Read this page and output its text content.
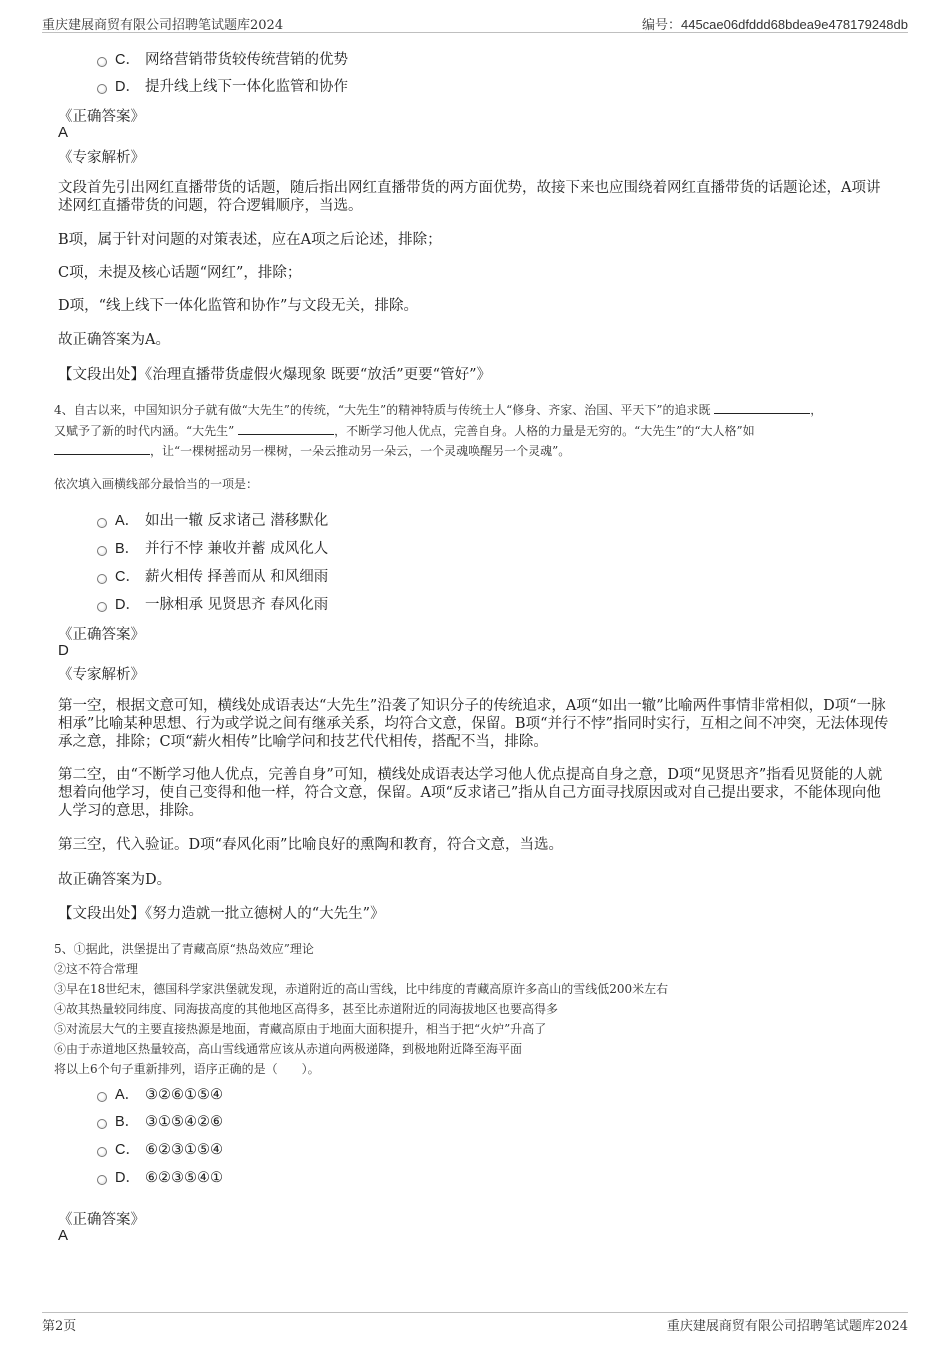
重庆建展商贸有限公司招聘笔试题库2024	编号：445cae06dfddd68bdea9e478179248db
C． 网络营销带货较传统营销的优势
D． 提升线上线下一体化监管和协作
《正确答案》
A
《专家解析》
文段首先引出网红直播带货的话题，随后指出网红直播带货的两方面优势，故接下来也应围绕着网红直播带货的话题论述，A项讲述网红直播带货的问题，符合逻辑顺序，当选。
B项，属于针对问题的对策表述，应在A项之后论述，排除；
C项，未提及核心话题“网红”，排除；
D项，“线上线下一体化监管和协作”与文段无关，排除。
故正确答案为A。
【文段出处】《治理直播带货虚假火爆现象 既要“放活”更要“管好”》
4、自古以来，中国知识分子就有做“大先生”的传统，“大先生”的精神特质与传统士人“修身、齐家、治国、平天下”的追求既	，
又赋予了新的时代内涵。“大先生”	，不断学习他人优点，完善自身。人格的力量是无穷的。“大先生”的“大人格”如
，让“一棵树摇动另一棵树，一朵云推动另一朵云，一个灵魂唤醒另一个灵魂”。
依次填入画横线部分最恰当的一项是：
A． 如出一辙 反求诸己 潜移默化
B． 并行不悖 兼收并蓄 成风化人
C． 薪火相传 择善而从 和风细雨
D． 一脉相承 见贤思齐 春风化雨
《正确答案》
D
《专家解析》
第一空，根据文意可知，横线处成语表达“大先生”沿袭了知识分子的传统追求，A项“如出一辙”比喻两件事情非常相似，D项“一脉相承”比喻某种思想、行为或学说之间有继承关系，均符合文意，保留。B项“并行不悖”指同时实行，互相之间不冲突，无法体现传承之意，排除；C项“薪火相传”比喻学问和技艺代代相传，搭配不当，排除。
第二空，由“不断学习他人优点，完善自身”可知，横线处成语表达学习他人优点提高自身之意，D项“见贤思齐”指看见贤能的人就想着向他学习，使自己变得和他一样，符合文意，保留。A项“反求诸己”指从自己方面寻找原因或对自己提出要求，不能体现向他人学习的意思，排除。
第三空，代入验证。D项“春风化雨”比喻良好的熏陶和教育，符合文意，当选。
故正确答案为D。
【文段出处】《努力造就一批立德树人的“大先生”》
5、①据此，洪堡提出了青藏高原“热岛效应”理论
②这不符合常理
③早在18世纪末，德国科学家洪堡就发现，赤道附近的高山雪线，比中纬度的青藏高原许多高山的雪线低200米左右
④故其热量较同纬度、同海拔高度的其他地区高得多，甚至比赤道附近的同海拔地区也要高得多
⑤对流层大气的主要直接热源是地面，青藏高原由于地面大面积提升，相当于把“火炉”升高了
⑥由于赤道地区热量较高，高山雪线通常应该从赤道向两极递降，到极地附近降至海平面
将以上6个句子重新排列，语序正确的是（　　）。
A． ③②⑥①⑤④
B． ③①⑤④②⑥
C． ⑥②③①⑤④
D． ⑥②③⑤④①
《正确答案》
A
第2页	重庆建展商贸有限公司招聘笔试题库2024
